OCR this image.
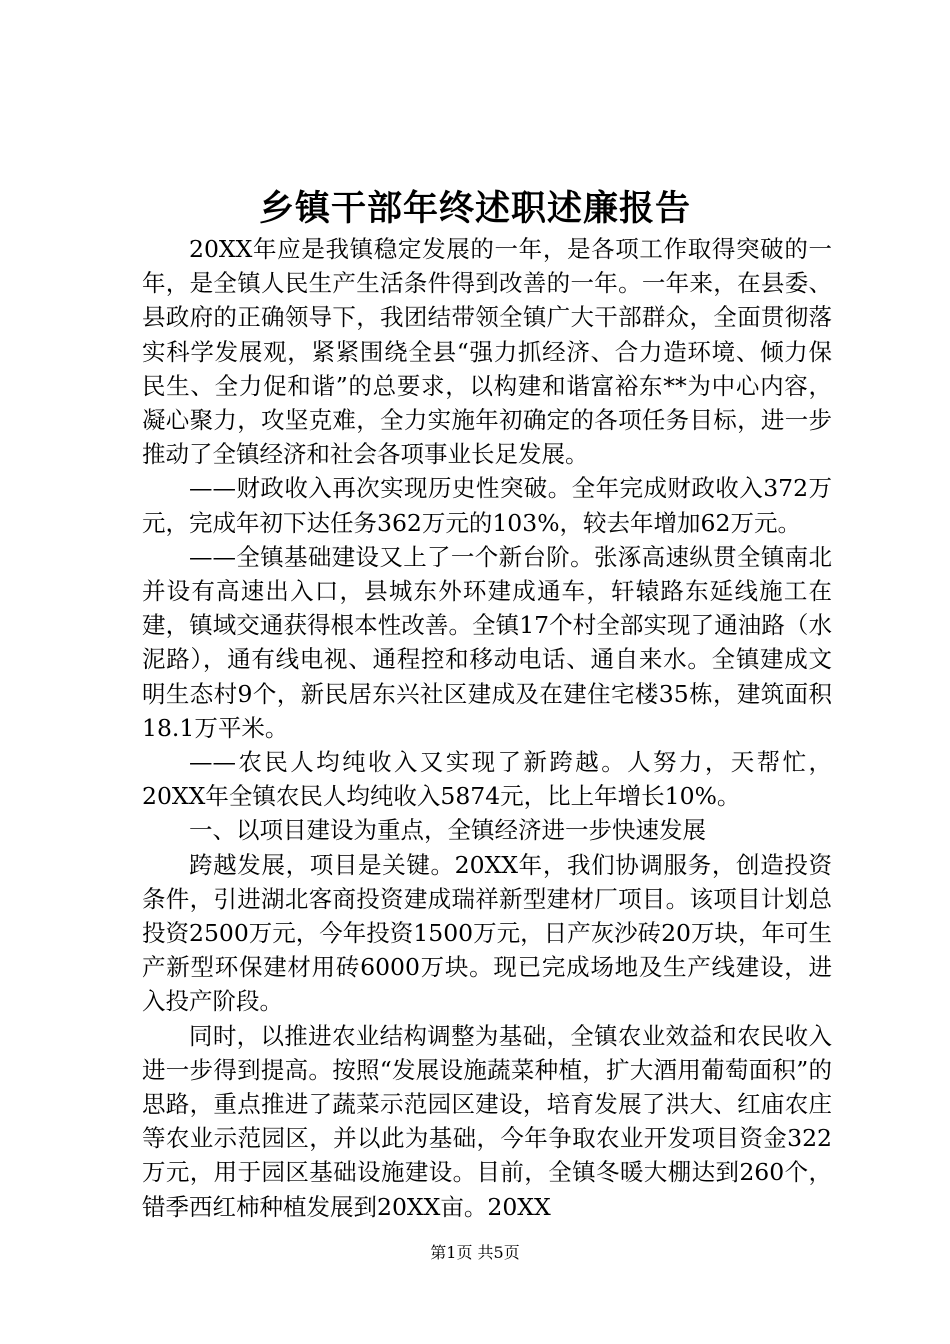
乡镇干部年终述职述廉报告

20XX年应是我镇稳定发展的一年，是各项工作取得突破的一年，是全镇人民生产生活条件得到改善的一年。一年来，在县委、县政府的正确领导下，我团结带领全镇广大干部群众，全面贯彻落实科学发展观，紧紧围绕全县“强力抓经济、合力造环境、倾力保民生、全力促和谐”的总要求，以构建和谐富裕东**为中心内容，凝心聚力，攻坚克难，全力实施年初确定的各项任务目标，进一步推动了全镇经济和社会各项事业长足发展。

——财政收入再次实现历史性突破。全年完成财政收入372万元，完成年初下达任务362万元的103%，较去年增加62万元。

——全镇基础建设又上了一个新台阶。张涿高速纵贯全镇南北并设有高速出入口，县城东外环建成通车，轩辕路东延线施工在建，镇域交通获得根本性改善。全镇17个村全部实现了通油路（水泥路），通有线电视、通程控和移动电话、通自来水。全镇建成文明生态村9个，新民居东兴社区建成及在建住宅楼35栋，建筑面积18.1万平米。

——农民人均纯收入又实现了新跨越。人努力，天帮忙，20XX年全镇农民人均纯收入5874元，比上年增长10%。

一、以项目建设为重点，全镇经济进一步快速发展

跨越发展，项目是关键。20XX年，我们协调服务，创造投资条件，引进湖北客商投资建成瑞祥新型建材厂项目。该项目计划总投资2500万元，今年投资1500万元，日产灰沙砖20万块，年可生产新型环保建材用砖6000万块。现已完成场地及生产线建设，进入投产阶段。

同时，以推进农业结构调整为基础，全镇农业效益和农民收入进一步得到提高。按照“发展设施蔬菜种植，扩大酒用葡萄面积”的思路，重点推进了蔬菜示范园区建设，培育发展了洪大、红庙农庄等农业示范园区，并以此为基础，今年争取农业开发项目资金322万元，用于园区基础设施建设。目前，全镇冬暖大棚达到260个，错季西红柿种植发展到20XX亩。20XX

第1页 共5页
